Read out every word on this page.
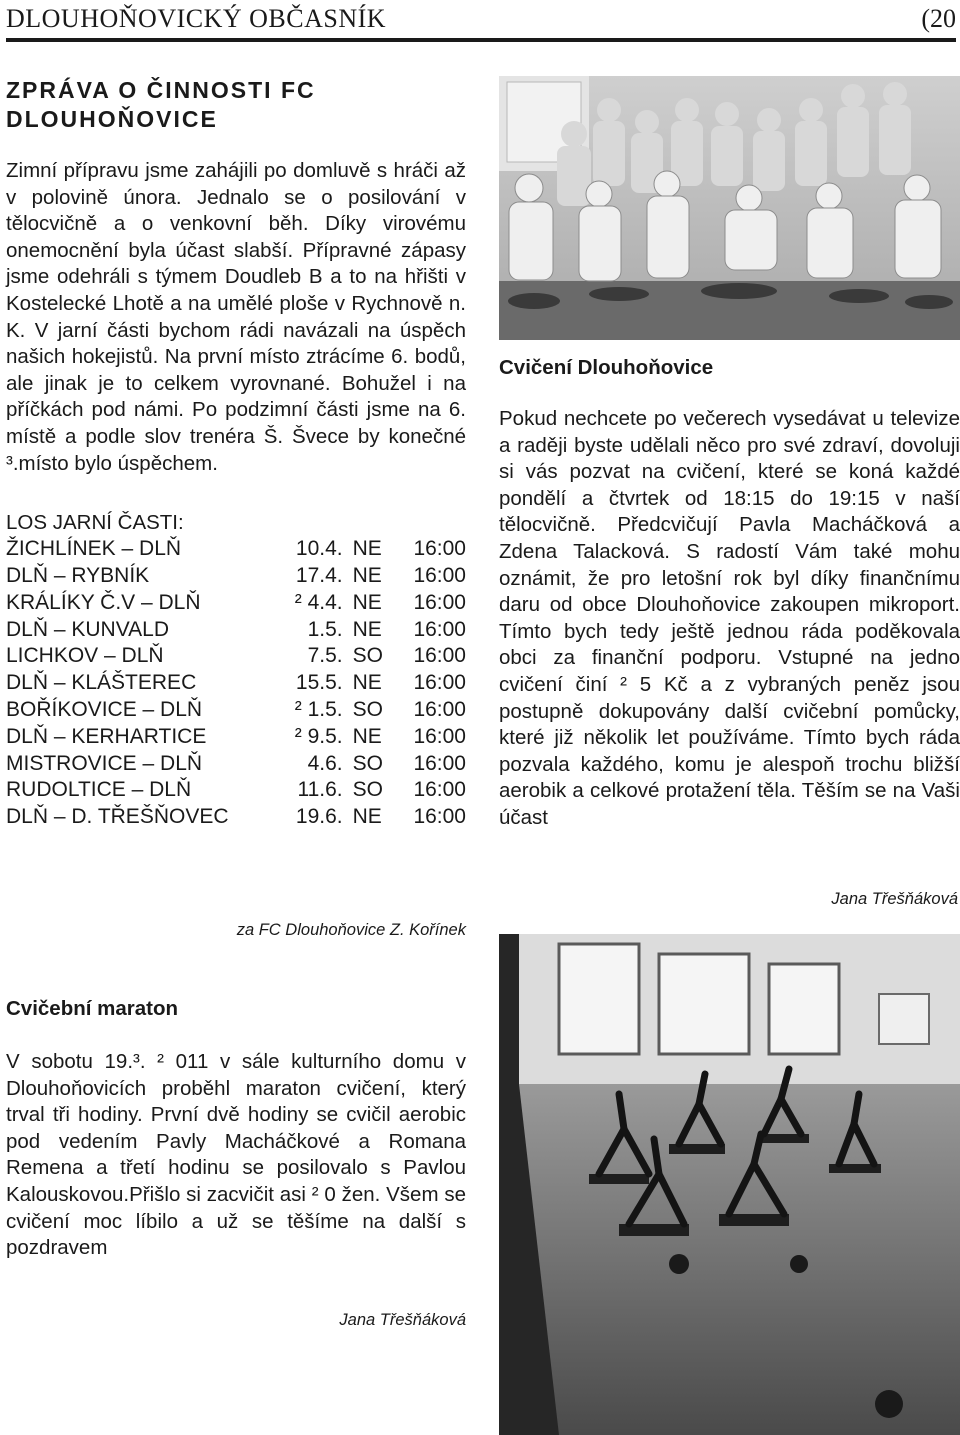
DLOUHOŇOVICKÝ OBČASNÍK	(20
ZPRÁVA O ČINNOSTI FC DLOUHOŇOVICE

Zimní přípravu jsme zahájili po domluvě s hráči až v polovině února. Jednalo se o posilování v tělocvičně a o venkovní běh. Díky virovému onemocnění byla účast slabší. Přípravné zápasy jsme odehráli s týmem Doudleb B a to na hřišti v Kostelecké Lhotě a na umělé ploše v Rychnově n. K. V jarní části bychom rádi navázali na úspěch našich hokejistů. Na první místo ztrácíme 6. bodů, ale jinak je to celkem vyrovnané. Bohužel i na příčkách pod námi. Po podzimní části jsme na 6. místě a podle slov trenéra Š. Švece by konečné ³.místo bylo úspěchem.

LOS JARNÍ ČASTI:

ŽICHLÍNEK – DLŇ	10.4.	NE	16:00
DLŇ – RYBNÍK	17.4.	NE	16:00
KRÁLÍKY Č.V – DLŇ	² 4.4.	NE	16:00
DLŇ – KUNVALD	1.5.	NE	16:00
LICHKOV – DLŇ	7.5.	SO	16:00
DLŇ – KLÁŠTEREC	15.5.	NE	16:00
BOŘÍKOVICE – DLŇ	² 1.5.	SO	16:00
DLŇ – KERHARTICE	² 9.5.	NE	16:00
MISTROVICE – DLŇ	4.6.	SO	16:00
RUDOLTICE – DLŇ	11.6.	SO	16:00
DLŇ – D. TŘEŠŇOVEC	19.6.	NE	16:00
za FC Dlouhoňovice Z. Kořínek
Cvičební maraton

V sobotu 19.³. ² 011 v sále kulturního domu v Dlouhoňovicích proběhl maraton cvičení, který trval tři hodiny. První dvě hodiny se cvičil aerobic pod vedením Pavly Macháčkové a Romana Remena a třetí hodinu se posilovalo s Pavlou Kalouskovou.Přišlo si zacvičit asi ² 0 žen. Všem se cvičení moc líbilo a už se těšíme na další s pozdravem

Jana Třešňáková
Cvičení Dlouhoňovice

Pokud nechcete po večerech vysedávat u televize a raději byste udělali něco pro své zdraví, dovoluji si vás pozvat na cvičení, které se koná každé pondělí a čtvrtek od 18:15 do 19:15 v naší tělocvičně. Předcvičují Pavla Macháčková a Zdena Talacková. S radostí Vám také mohu oznámit, že pro letošní rok byl díky finančnímu daru od obce Dlouhoňovice zakoupen mikroport. Tímto bych tedy ještě jednou ráda poděkovala obci za finanční podporu. Vstupné na jedno cvičení činí ² 5 Kč a z vybraných peněz jsou postupně dokupovány další cvičební pomůcky, které již několik let používáme. Tímto bych ráda pozvala každého, komu je alespoň trochu bližší aerobik a celkové protažení těla. Těším se na Vaši účast

Jana Třešňáková
